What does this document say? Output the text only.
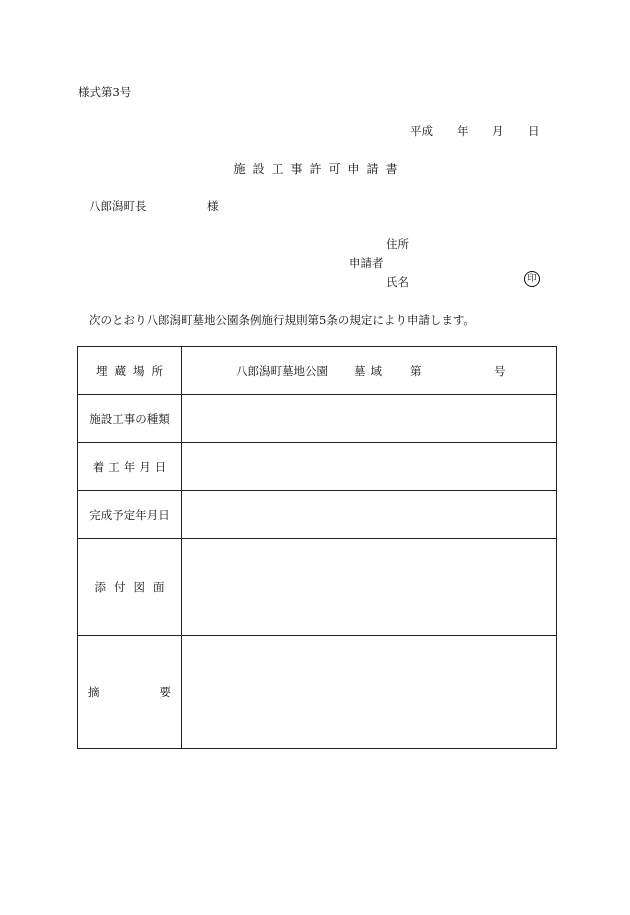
様式第3号
平成 年 月 日
施設工事許可申請書
八郎潟町長	様
住所
申請者
氏名	印
次のとおり八郎潟町墓地公園条例施行規則第5条の規定により申請します。
埋蔵場所	八郎潟町墓地公園 墓域 第 号

施設工事の種類	
着工年月日	
完成予定年月日	
添付図面	

摘 要	
